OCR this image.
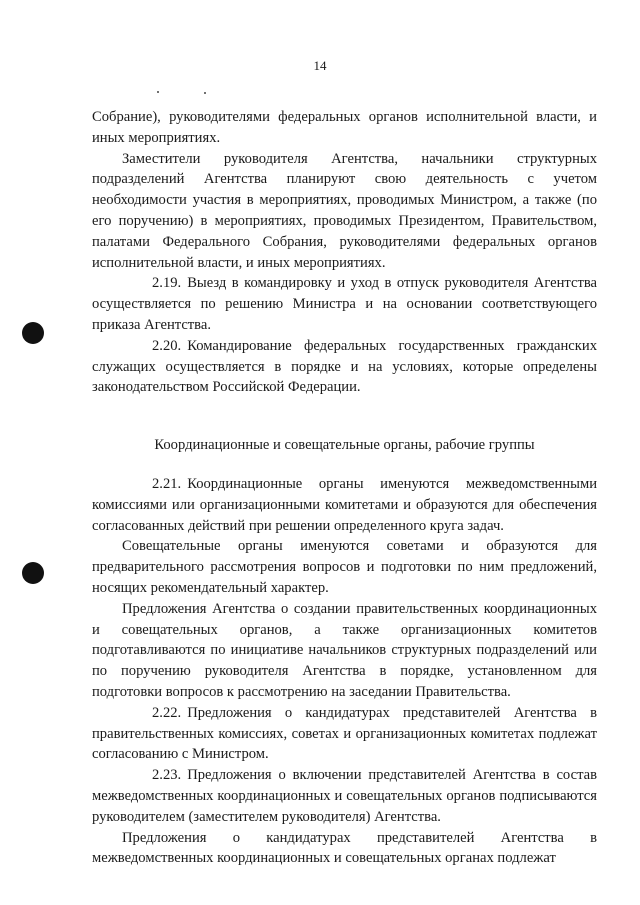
14

Собрание), руководителями федеральных органов исполнительной власти, и иных мероприятиях.

Заместители руководителя Агентства, начальники структурных подразделений Агентства планируют свою деятельность с учетом необходимости участия в мероприятиях, проводимых Министром, а также (по его поручению) в мероприятиях, проводимых Президентом, Правительством, палатами Федерального Собрания, руководителями федеральных органов исполнительной власти, и иных мероприятиях.

2.19. Выезд в командировку и уход в отпуск руководителя Агентства осуществляется по решению Министра и на основании соответствующего приказа Агентства.

2.20. Командирование федеральных государственных гражданских служащих осуществляется в порядке и на условиях, которые определены законодательством Российской Федерации.

Координационные и совещательные органы, рабочие группы

2.21. Координационные органы именуются межведомственными комиссиями или организационными комитетами и образуются для обеспечения согласованных действий при решении определенного круга задач.

Совещательные органы именуются советами и образуются для предварительного рассмотрения вопросов и подготовки по ним предложений, носящих рекомендательный характер.

Предложения Агентства о создании правительственных координационных и совещательных органов, а также организационных комитетов подготавливаются по инициативе начальников структурных подразделений или по поручению руководителя Агентства в порядке, установленном для подготовки вопросов к рассмотрению на заседании Правительства.

2.22. Предложения о кандидатурах представителей Агентства в правительственных комиссиях, советах и организационных комитетах подлежат согласованию с Министром.

2.23. Предложения о включении представителей Агентства в состав межведомственных координационных и совещательных органов подписываются руководителем (заместителем руководителя) Агентства.

Предложения о кандидатурах представителей Агентства в межведомственных координационных и совещательных органах подлежат
